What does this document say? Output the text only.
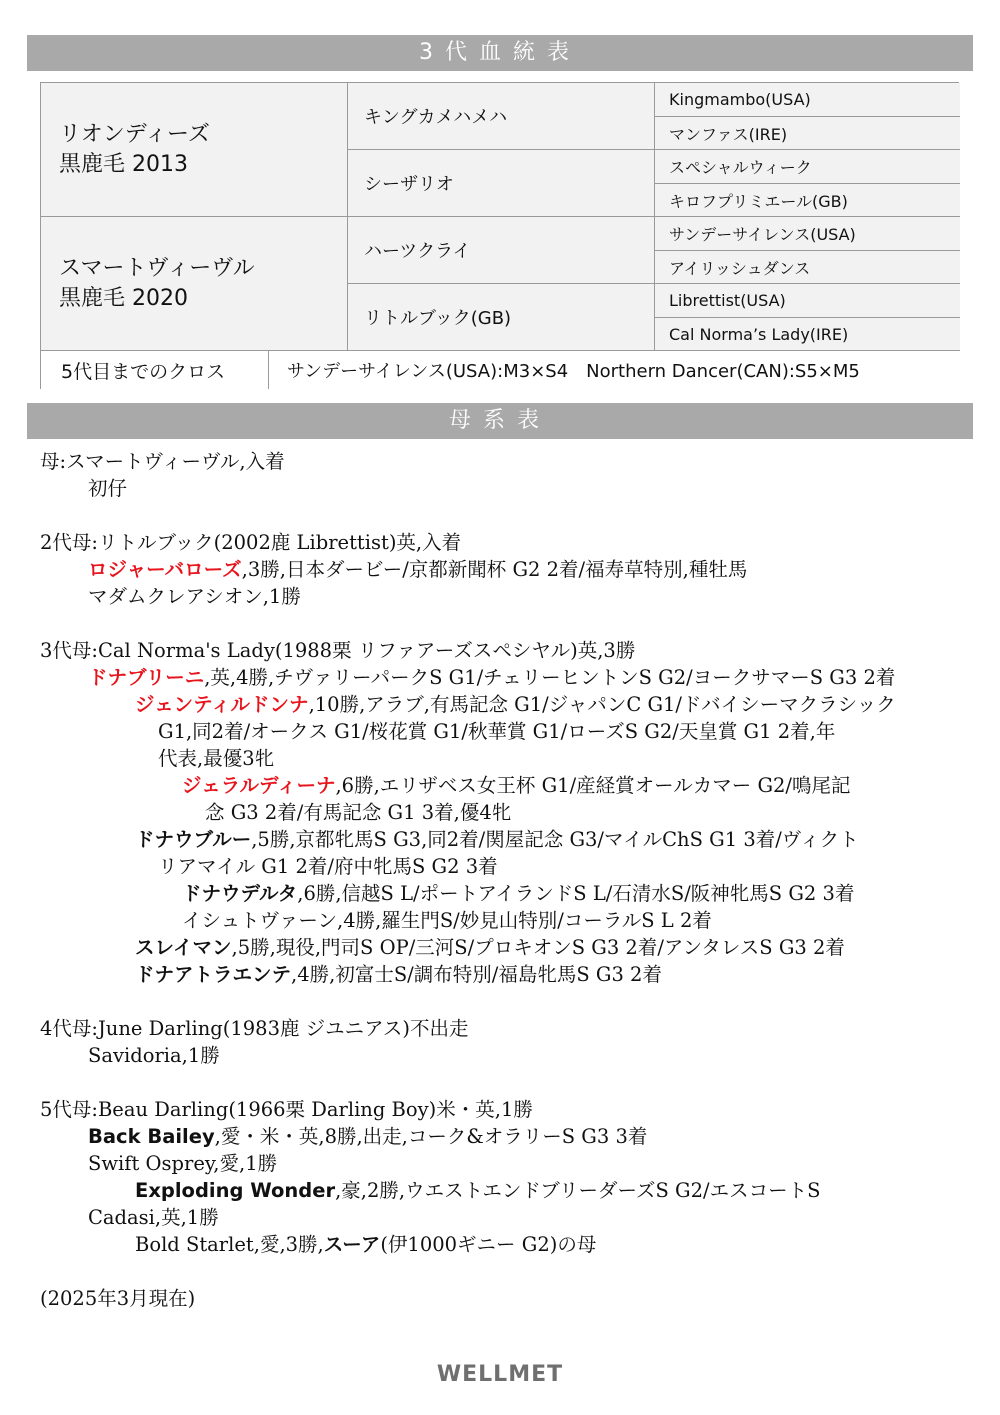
3代血統表
リオンディーズ
黒鹿毛 2013
スマートヴィーヴル
黒鹿毛 2020
キングカメハメハ
シーザリオ
ハーツクライ
リトルブック(GB)
Kingmambo(USA)
マンファス(IRE)
スペシャルウィーク
キロフプリミエール(GB)
サンデーサイレンス(USA)
アイリッシュダンス
Librettist(USA)
Cal Norma’s Lady(IRE)
5代目までのクロス	サンデーサイレンス(USA):M3×S4　Northern Dancer(CAN):S5×M5
母系表
母:スマートヴィーヴル,入着
初仔
2代母:リトルブック(2002鹿 Librettist)英,入着
ロジャーバローズ,3勝,日本ダービー/京都新聞杯 G2 2着/福寿草特別,種牡馬
マダムクレアシオン,1勝
3代母:Cal Norma's Lady(1988栗 リファアーズスペシヤル)英,3勝
ドナブリーニ,英,4勝,チヴァリーパークS G1/チェリーヒントンS G2/ヨークサマーS G3 2着
ジェンティルドンナ,10勝,アラブ,有馬記念 G1/ジャパンC G1/ドバイシーマクラシック
G1,同2着/オークス G1/桜花賞 G1/秋華賞 G1/ローズS G2/天皇賞 G1 2着,年
代表,最優3牝
ジェラルディーナ,6勝,エリザベス女王杯 G1/産経賞オールカマー G2/鳴尾記
念 G3 2着/有馬記念 G1 3着,優4牝
ドナウブルー,5勝,京都牝馬S G3,同2着/関屋記念 G3/マイルChS G1 3着/ヴィクト
リアマイル G1 2着/府中牝馬S G2 3着
ドナウデルタ,6勝,信越S L/ポートアイランドS L/石清水S/阪神牝馬S G2 3着
イシュトヴァーン,4勝,羅生門S/妙見山特別/コーラルS L 2着
スレイマン,5勝,現役,門司S OP/三河S/プロキオンS G3 2着/アンタレスS G3 2着
ドナアトラエンテ,4勝,初富士S/調布特別/福島牝馬S G3 2着
4代母:June Darling(1983鹿 ジユニアス)不出走
Savidoria,1勝
5代母:Beau Darling(1966栗 Darling Boy)米・英,1勝
Back Bailey,愛・米・英,8勝,出走,コーク&オラリーS G3 3着
Swift Osprey,愛,1勝
Exploding Wonder,豪,2勝,ウエストエンドブリーダーズS G2/エスコートS
Cadasi,英,1勝
Bold Starlet,愛,3勝,スーア(伊1000ギニー G2)の母
(2025年3月現在)
WELLMET
